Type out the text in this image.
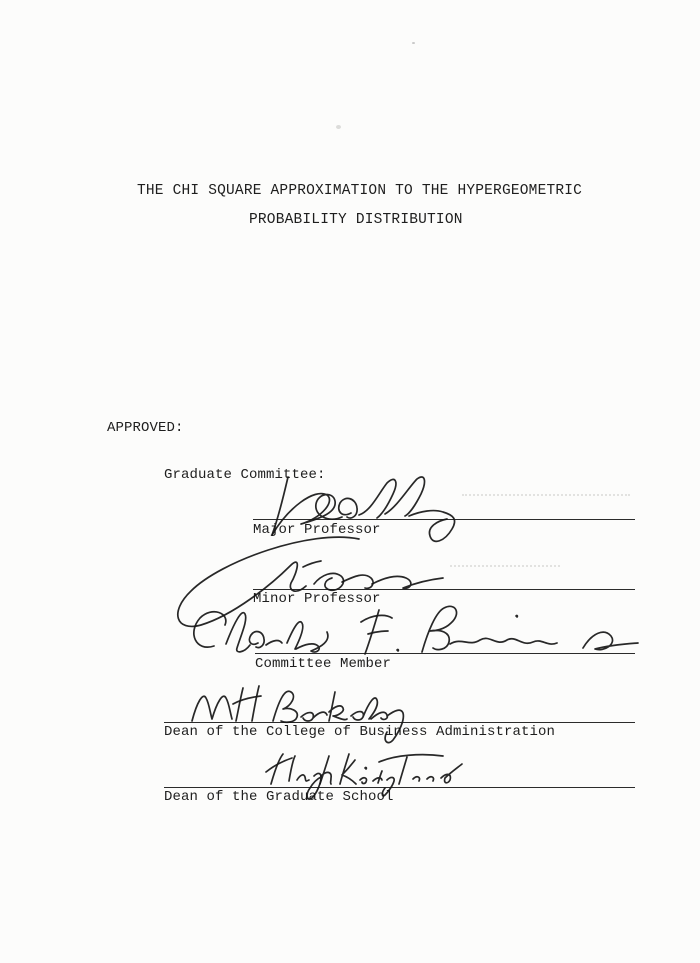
THE CHI SQUARE APPROXIMATION TO THE HYPERGEOMETRIC
PROBABILITY DISTRIBUTION
APPROVED:
Graduate Committee:
Major Professor
Minor Professor
Committee Member
Dean of the College of Business Administration
Dean of the Graduate School
